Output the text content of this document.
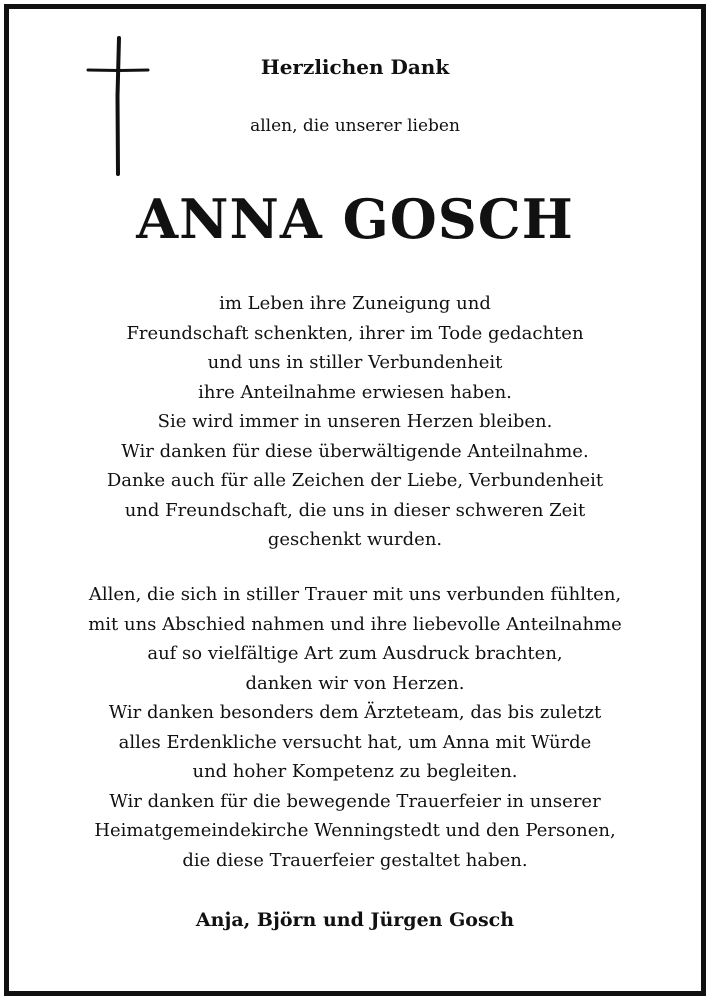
Herzlichen Dank
allen, die unserer lieben
ANNA GOSCH
im Leben ihre Zuneigung und
Freundschaft schenkten, ihrer im Tode gedachten
und uns in stiller Verbundenheit
ihre Anteilnahme erwiesen haben.
Sie wird immer in unseren Herzen bleiben.
Wir danken für diese überwältigende Anteilnahme.
Danke auch für alle Zeichen der Liebe, Verbundenheit
und Freundschaft, die uns in dieser schweren Zeit
geschenkt wurden.
Allen, die sich in stiller Trauer mit uns verbunden fühlten,
mit uns Abschied nahmen und ihre liebevolle Anteilnahme
auf so vielfältige Art zum Ausdruck brachten,
danken wir von Herzen.
Wir danken besonders dem Ärzteteam, das bis zuletzt
alles Erdenkliche versucht hat, um Anna mit Würde
und hoher Kompetenz zu begleiten.
Wir danken für die bewegende Trauerfeier in unserer
Heimatgemeindekirche Wenningstedt und den Personen,
die diese Trauerfeier gestaltet haben.
Anja, Björn und Jürgen Gosch
